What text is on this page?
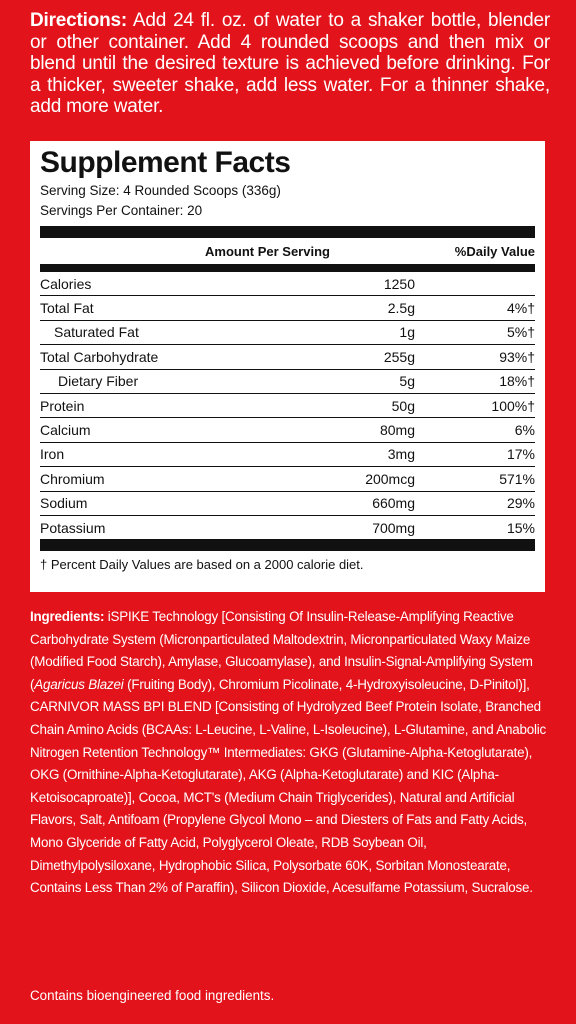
Directions: Add 24 fl. oz. of water to a shaker bottle, blender or other container. Add 4 rounded scoops and then mix or blend until the desired texture is achieved before drinking. For a thicker, sweeter shake, add less water. For a thinner shake, add more water.
Supplement Facts
Serving Size: 4 Rounded Scoops (336g)
Servings Per Container: 20
Amount Per Serving	%Daily Value
Calories	1250
Total Fat	2.5g	4%†
Saturated Fat	1g	5%†
Total Carbohydrate	255g	93%†
Dietary Fiber	5g	18%†
Protein	50g	100%†
Calcium	80mg	6%
Iron	3mg	17%
Chromium	200mcg	571%
Sodium	660mg	29%
Potassium	700mg	15%
† Percent Daily Values are based on a 2000 calorie diet.
Ingredients: iSPIKE Technology [Consisting Of Insulin-Release-Amplifying Reactive Carbohydrate System (Micronparticulated Maltodextrin, Micronparticulated Waxy Maize (Modified Food Starch), Amylase, Glucoamylase), and Insulin-Signal-Amplifying System (Agaricus Blazei (Fruiting Body), Chromium Picolinate, 4-Hydroxyisoleucine, D-Pinitol)], CARNIVOR MASS BPI BLEND [Consisting of Hydrolyzed Beef Protein Isolate, Branched Chain Amino Acids (BCAAs: L-Leucine, L-Valine, L-Isoleucine), L-Glutamine, and Anabolic Nitrogen Retention Technology™ Intermediates: GKG (Glutamine-Alpha-Ketoglutarate), OKG (Ornithine-Alpha-Ketoglutarate), AKG (Alpha-Ketoglutarate) and KIC (Alpha-Ketoisocaproate)], Cocoa, MCT's (Medium Chain Triglycerides), Natural and Artificial Flavors, Salt, Antifoam (Propylene Glycol Mono – and Diesters of Fats and Fatty Acids, Mono Glyceride of Fatty Acid, Polyglycerol Oleate, RDB Soybean Oil, Dimethylpolysiloxane, Hydrophobic Silica, Polysorbate 60K, Sorbitan Monostearate, Contains Less Than 2% of Paraffin), Silicon Dioxide, Acesulfame Potassium, Sucralose.
Contains bioengineered food ingredients.
